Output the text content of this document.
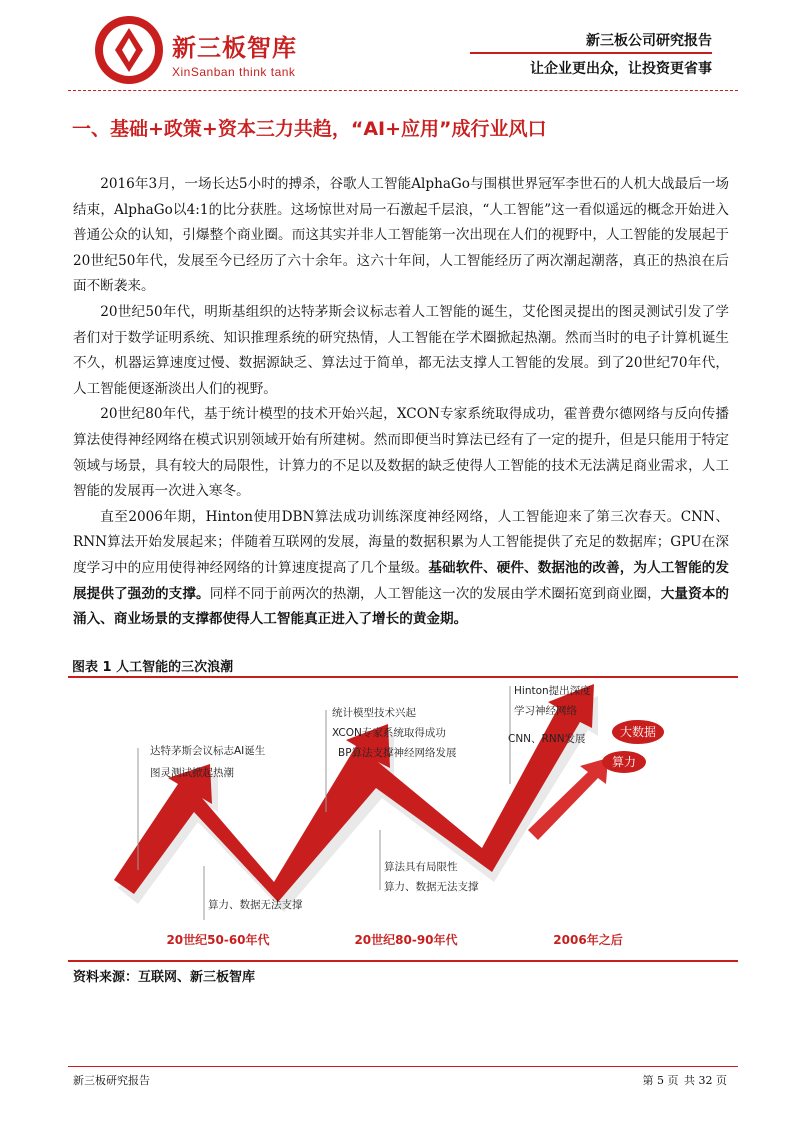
新三板智库
XinSanban think tank
新三板公司研究报告
让企业更出众，让投资更省事
一、基础+政策+资本三力共趋，“AI+应用”成行业风口

2016年3月，一场长达5小时的搏杀，谷歌人工智能AlphaGo与围棋世界冠军李世石的人机大战最后一场结束，AlphaGo以4:1的比分获胜。这场惊世对局一石激起千层浪，“人工智能”这一看似遥远的概念开始进入普通公众的认知，引爆整个商业圈。而这其实并非人工智能第一次出现在人们的视野中，人工智能的发展起于20世纪50年代，发展至今已经历了六十余年。这六十年间，人工智能经历了两次潮起潮落，真正的热浪在后面不断袭来。

20世纪50年代，明斯基组织的达特茅斯会议标志着人工智能的诞生，艾伦图灵提出的图灵测试引发了学者们对于数学证明系统、知识推理系统的研究热情，人工智能在学术圈掀起热潮。然而当时的电子计算机诞生不久，机器运算速度过慢、数据源缺乏、算法过于简单，都无法支撑人工智能的发展。到了20世纪70年代，人工智能便逐渐淡出人们的视野。

20世纪80年代，基于统计模型的技术开始兴起，XCON专家系统取得成功，霍普费尔德网络与反向传播算法使得神经网络在模式识别领域开始有所建树。然而即便当时算法已经有了一定的提升，但是只能用于特定领域与场景，具有较大的局限性，计算力的不足以及数据的缺乏使得人工智能的技术无法满足商业需求，人工智能的发展再一次进入寒冬。

直至2006年期，Hinton使用DBN算法成功训练深度神经网络，人工智能迎来了第三次春天。CNN、RNN算法开始发展起来；伴随着互联网的发展，海量的数据积累为人工智能提供了充足的数据库；GPU在深度学习中的应用使得神经网络的计算速度提高了几个量级。基础软件、硬件、数据池的改善，为人工智能的发展提供了强劲的支撑。同样不同于前两次的热潮，人工智能这一次的发展由学术圈拓宽到商业圈，大量资本的涌入、商业场景的支撑都使得人工智能真正进入了增长的黄金期。

图表 1 人工智能的三次浪潮
达特茅斯会议标志AI诞生
图灵测试掀起热潮
算力、数据无法支撑
统计模型技术兴起
XCON专家系统取得成功
BP算法支撑神经网络发展
算法具有局限性
算力、数据无法支撑
Hinton提出深度
学习神经网络
CNN、RNN发展	大数据
算力
20世纪50-60年代	20世纪80-90年代	2006年之后
资料来源：互联网、新三板智库
新三板研究报告	第 5 页 共 32 页
